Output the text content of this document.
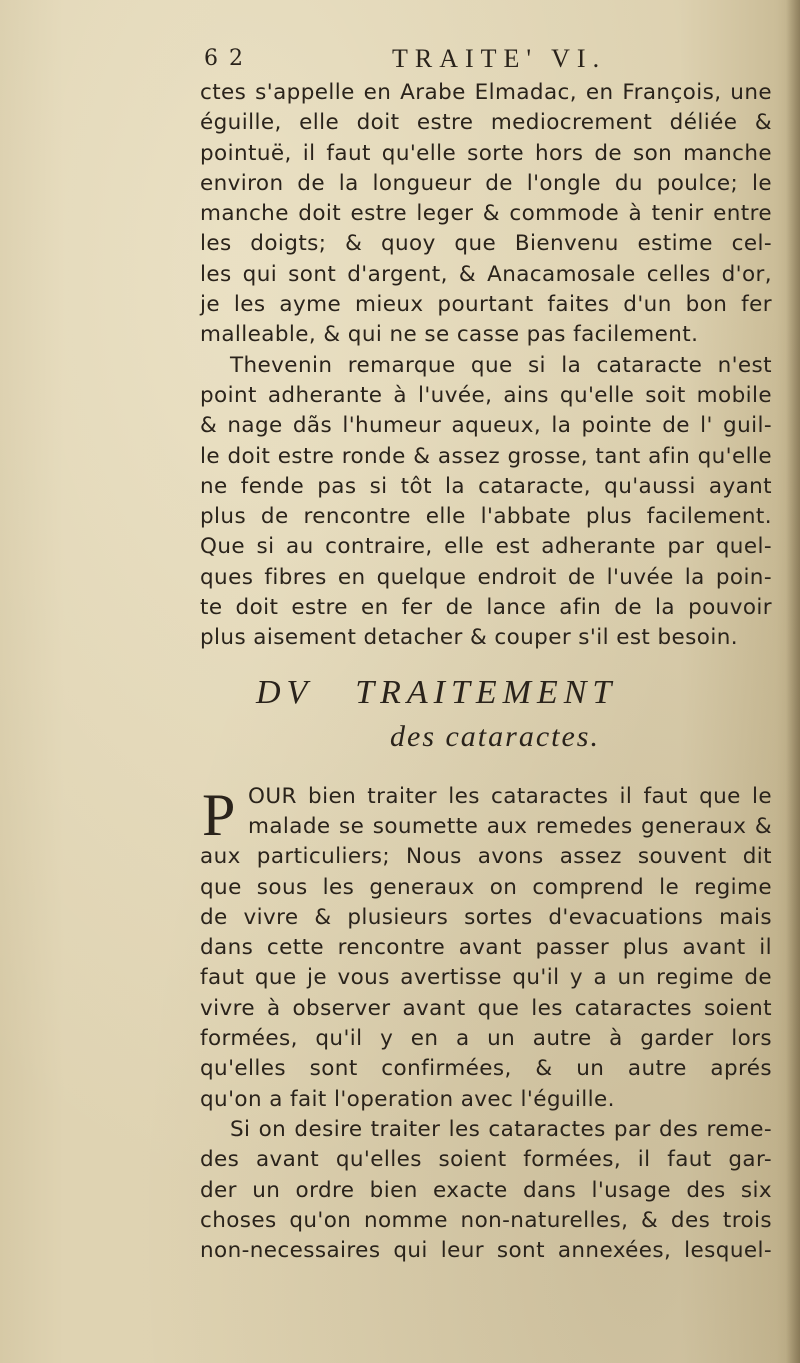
6 2	TRAITE' VI.
ctes s'appelle en Arabe Elmadac, en François, une
éguille, elle doit estre mediocrement déliée &
pointuë, il faut qu'elle sorte hors de son manche
environ de la longueur de l'ongle du poulce; le
manche doit estre leger & commode à tenir entre
les doigts; & quoy que Bienvenu estime cel-
les qui sont d'argent, & Anacamosale celles d'or,
je les ayme mieux pourtant faites d'un bon fer
malleable, & qui ne se casse pas facilement.
Thevenin remarque que si la cataracte n'est
point adherante à l'uvée, ains qu'elle soit mobile
& nage dãs l'humeur aqueux, la pointe de l' guil-
le doit estre ronde & assez grosse, tant afin qu'elle
ne fende pas si tôt la cataracte, qu'aussi ayant
plus de rencontre elle l'abbate plus facilement.
Que si au contraire, elle est adherante par quel-
ques fibres en quelque endroit de l'uvée la poin-
te doit estre en fer de lance afin de la pouvoir
plus aisement detacher & couper s'il est besoin.
DV TRAITEMENT
des cataractes.
P OUR bien traiter les cataractes il faut que le
malade se soumette aux remedes generaux &
aux particuliers; Nous avons assez souvent dit
que sous les generaux on comprend le regime
de vivre & plusieurs sortes d'evacuations mais
dans cette rencontre avant passer plus avant il
faut que je vous avertisse qu'il y a un regime de
vivre à observer avant que les cataractes soient
formées, qu'il y en a un autre à garder lors
qu'elles sont confirmées, & un autre aprés
qu'on a fait l'operation avec l'éguille.
Si on desire traiter les cataractes par des reme-
des avant qu'elles soient formées, il faut gar-
der un ordre bien exacte dans l'usage des six
choses qu'on nomme non-naturelles, & des trois
non-necessaires qui leur sont annexées, lesquel-
